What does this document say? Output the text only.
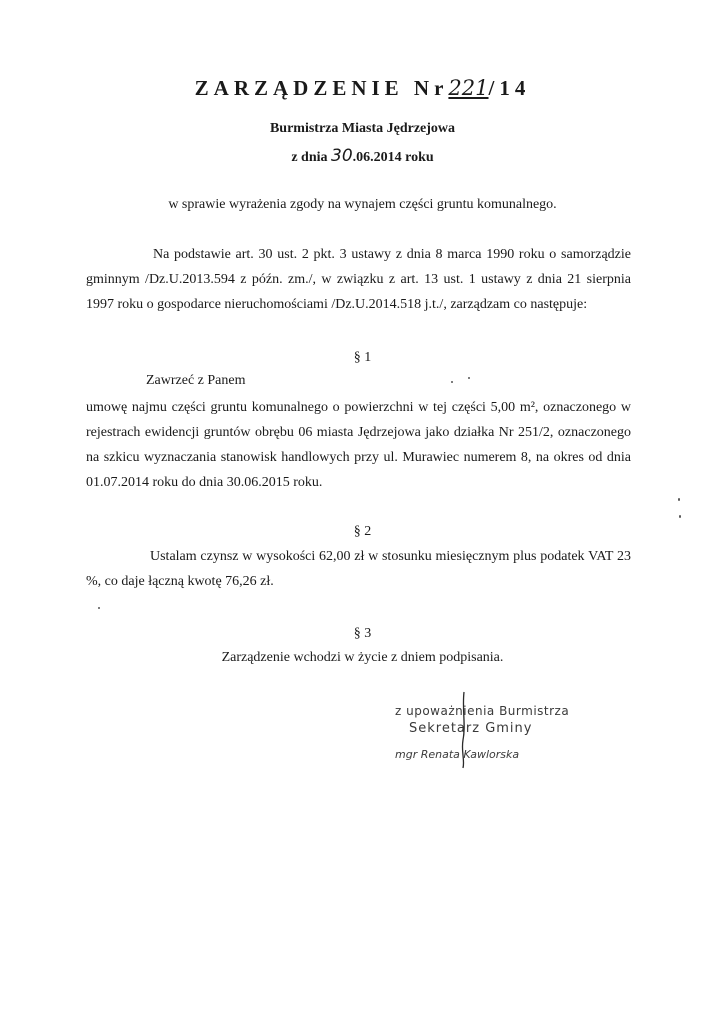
ZARZĄDZENIE Nr221/14
Burmistrza Miasta Jędrzejowa
z dnia 30.06.2014 roku
w sprawie wyrażenia zgody na wynajem części gruntu komunalnego.
Na podstawie art. 30 ust. 2 pkt. 3 ustawy z dnia 8 marca 1990 roku o samorządzie gminnym /Dz.U.2013.594 z późn. zm./, w związku z art. 13 ust. 1 ustawy z dnia 21 sierpnia 1997 roku o gospodarce nieruchomościami /Dz.U.2014.518 j.t./, zarządzam co następuje:
§ 1
Zawrzeć z Panem
umowę najmu części gruntu komunalnego o powierzchni w tej części 5,00 m², oznaczonego w rejestrach ewidencji gruntów obrębu 06 miasta Jędrzejowa jako działka Nr 251/2, oznaczonego na szkicu wyznaczania stanowisk handlowych przy ul. Murawiec numerem 8, na okres od dnia 01.07.2014 roku do dnia 30.06.2015 roku.
§ 2
Ustalam czynsz w wysokości 62,00 zł w stosunku miesięcznym plus podatek VAT 23 %, co daje łączną kwotę 76,26 zł.
§ 3
Zarządzenie wchodzi w życie z dniem podpisania.
z upoważnienia Burmistrza
Sekretarz Gminy
mgr Renata Kawlorska
